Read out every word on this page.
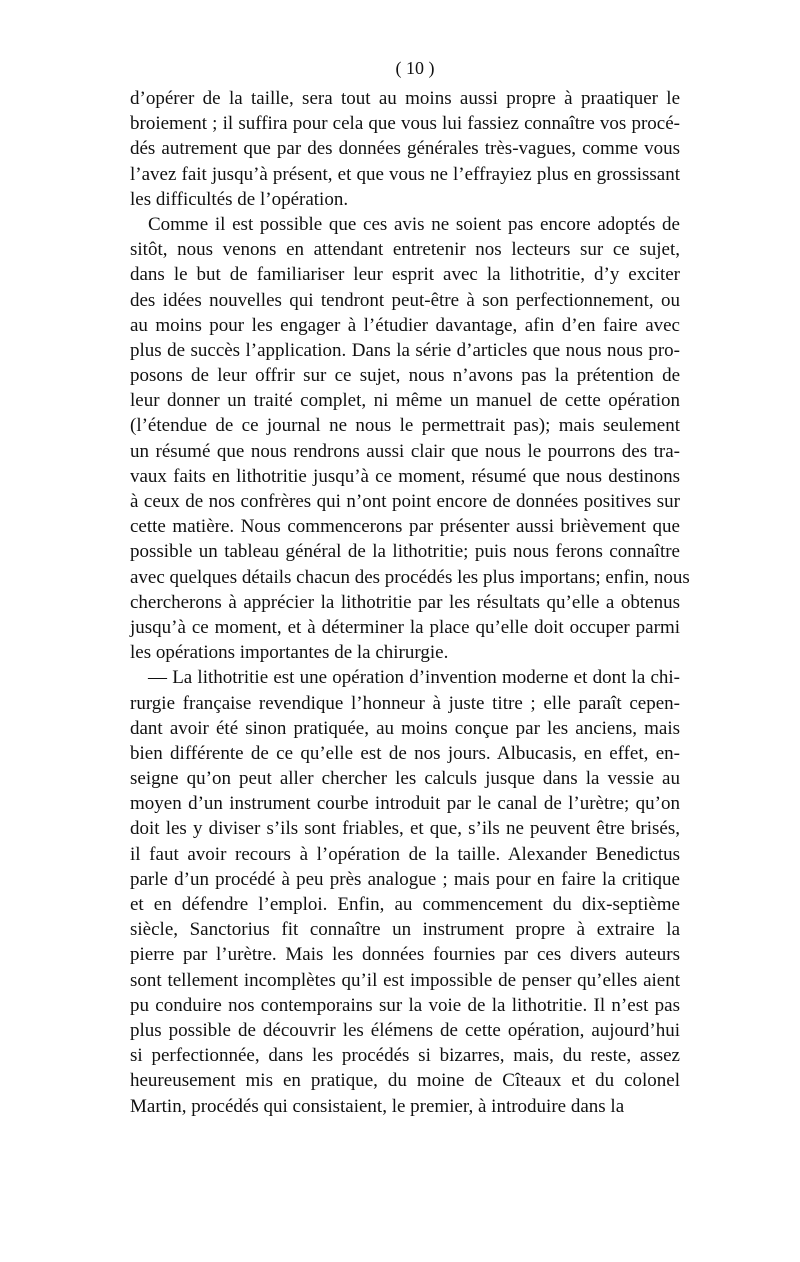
( 10 )
d’opérer de la taille, sera tout au moins aussi propre à praatiquer le
broiement ; il suffira pour cela que vous lui fassiez connaître vos procé-
dés autrement que par des données générales très-vagues, comme vous
l’avez fait jusqu’à présent, et que vous ne l’effrayiez plus en grossissant
les difficultés de l’opération.
Comme il est possible que ces avis ne soient pas encore adoptés de
sitôt, nous venons en attendant entretenir nos lecteurs sur ce sujet,
dans le but de familiariser leur esprit avec la lithotritie, d’y exciter
des idées nouvelles qui tendront peut-être à son perfectionnement, ou
au moins pour les engager à l’étudier davantage, afin d’en faire avec
plus de succès l’application. Dans la série d’articles que nous nous pro-
posons de leur offrir sur ce sujet, nous n’avons pas la prétention de
leur donner un traité complet, ni même un manuel de cette opération
(l’étendue de ce journal ne nous le permettrait pas); mais seulement
un résumé que nous rendrons aussi clair que nous le pourrons des tra-
vaux faits en lithotritie jusqu’à ce moment, résumé que nous destinons
à ceux de nos confrères qui n’ont point encore de données positives sur
cette matière. Nous commencerons par présenter aussi brièvement que
possible un tableau général de la lithotritie; puis nous ferons connaître
avec quelques détails chacun des procédés les plus importans; enfin, nous
chercherons à apprécier la lithotritie par les résultats qu’elle a obtenus
jusqu’à ce moment, et à déterminer la place qu’elle doit occuper parmi
les opérations importantes de la chirurgie.
— La lithotritie est une opération d’invention moderne et dont la chi-
rurgie française revendique l’honneur à juste titre ; elle paraît cepen-
dant avoir été sinon pratiquée, au moins conçue par les anciens, mais
bien différente de ce qu’elle est de nos jours. Albucasis, en effet, en-
seigne qu’on peut aller chercher les calculs jusque dans la vessie au
moyen d’un instrument courbe introduit par le canal de l’urètre; qu’on
doit les y diviser s’ils sont friables, et que, s’ils ne peuvent être brisés,
il faut avoir recours à l’opération de la taille. Alexander Benedictus
parle d’un procédé à peu près analogue ; mais pour en faire la critique
et en défendre l’emploi. Enfin, au commencement du dix-septième
siècle, Sanctorius fit connaître un instrument propre à extraire la
pierre par l’urètre. Mais les données fournies par ces divers auteurs
sont tellement incomplètes qu’il est impossible de penser qu’elles aient
pu conduire nos contemporains sur la voie de la lithotritie. Il n’est pas
plus possible de découvrir les élémens de cette opération, aujourd’hui
si perfectionnée, dans les procédés si bizarres, mais, du reste, assez
heureusement mis en pratique, du moine de Cîteaux et du colonel
Martin, procédés qui consistaient, le premier, à introduire dans la
